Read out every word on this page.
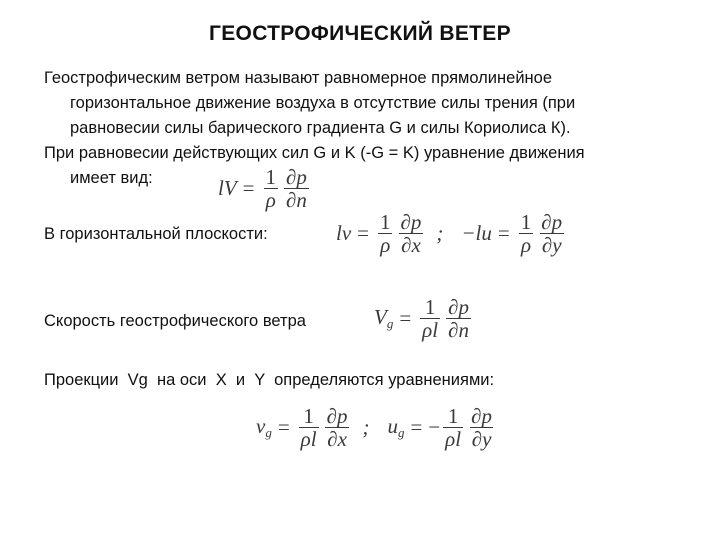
ГЕОСТРОФИЧЕСКИЙ ВЕТЕР
Геострофическим ветром называют равномерное прямолинейное
горизонтальное движение воздуха в отсутствие силы трения (при
равновесии силы барического градиента G и силы Кориолиса К).
При равновесии действующих сил G и K (-G = K) уравнение движения
имеет вид:	lV = $\frac{1}{\rho} \frac{\partial p}{\partial n}$
В горизонтальной плоскости:	lv = $\frac{1}{\rho} \frac{\partial p}{\partial x}$ ; $-lu = \frac{1}{\rho} \frac{\partial p}{\partial y}$
Скорость геострофического ветра	$V_g = \frac{1}{\rho l} \frac{\partial p}{\partial n}$
Проекции  Vg  на оси  X  и  Y  определяются уравнениями:
$v_g = \frac{1}{\rho l} \frac{\partial p}{\partial x}$ ; $u_g$ = − $\frac{1}{\rho l} \frac{\partial p}{\partial y}$
